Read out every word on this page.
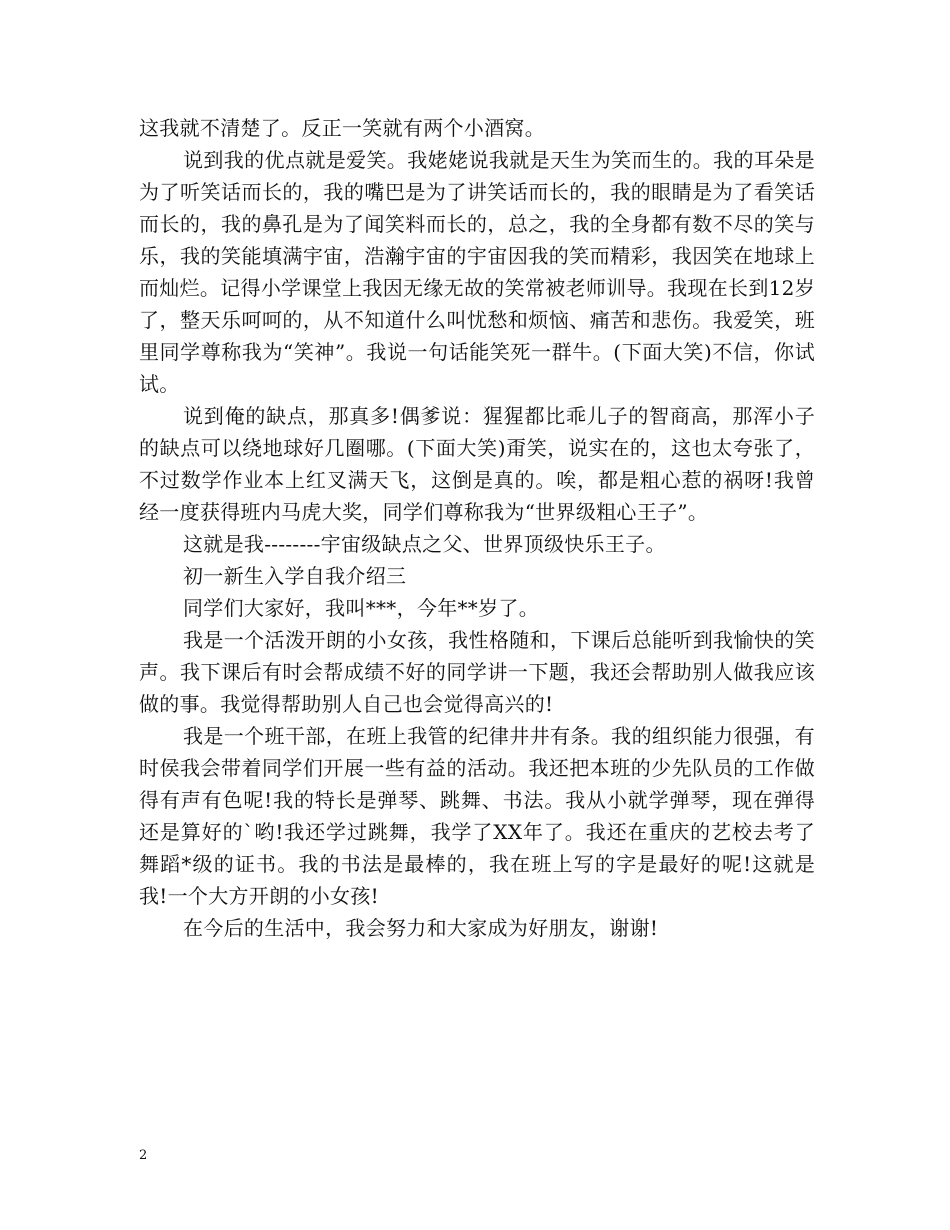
这我就不清楚了。反正一笑就有两个小酒窝。

说到我的优点就是爱笑。我姥姥说我就是天生为笑而生的。我的耳朵是为了听笑话而长的，我的嘴巴是为了讲笑话而长的，我的眼睛是为了看笑话而长的，我的鼻孔是为了闻笑料而长的，总之，我的全身都有数不尽的笑与乐，我的笑能填满宇宙，浩瀚宇宙的宇宙因我的笑而精彩，我因笑在地球上而灿烂。记得小学课堂上我因无缘无故的笑常被老师训导。我现在长到12岁了，整天乐呵呵的，从不知道什么叫忧愁和烦恼、痛苦和悲伤。我爱笑，班里同学尊称我为“笑神”。我说一句话能笑死一群牛。(下面大笑)不信，你试试。

说到俺的缺点，那真多!偶爹说：猩猩都比乖儿子的智商高，那浑小子的缺点可以绕地球好几圈哪。(下面大笑)甭笑，说实在的，这也太夸张了，不过数学作业本上红叉满天飞，这倒是真的。唉，都是粗心惹的祸呀!我曾经一度获得班内马虎大奖，同学们尊称我为“世界级粗心王子”。

这就是我--------宇宙级缺点之父、世界顶级快乐王子。

初一新生入学自我介绍三

同学们大家好，我叫***，今年**岁了。

我是一个活泼开朗的小女孩，我性格随和，下课后总能听到我愉快的笑声。我下课后有时会帮成绩不好的同学讲一下题，我还会帮助别人做我应该做的事。我觉得帮助别人自己也会觉得高兴的!

我是一个班干部，在班上我管的纪律井井有条。我的组织能力很强，有时侯我会带着同学们开展一些有益的活动。我还把本班的少先队员的工作做得有声有色呢!我的特长是弹琴、跳舞、书法。我从小就学弹琴，现在弹得还是算好的`哟!我还学过跳舞，我学了XX年了。我还在重庆的艺校去考了舞蹈*级的证书。我的书法是最棒的，我在班上写的字是最好的呢!这就是我!一个大方开朗的小女孩!

在今后的生活中，我会努力和大家成为好朋友，谢谢!

2
